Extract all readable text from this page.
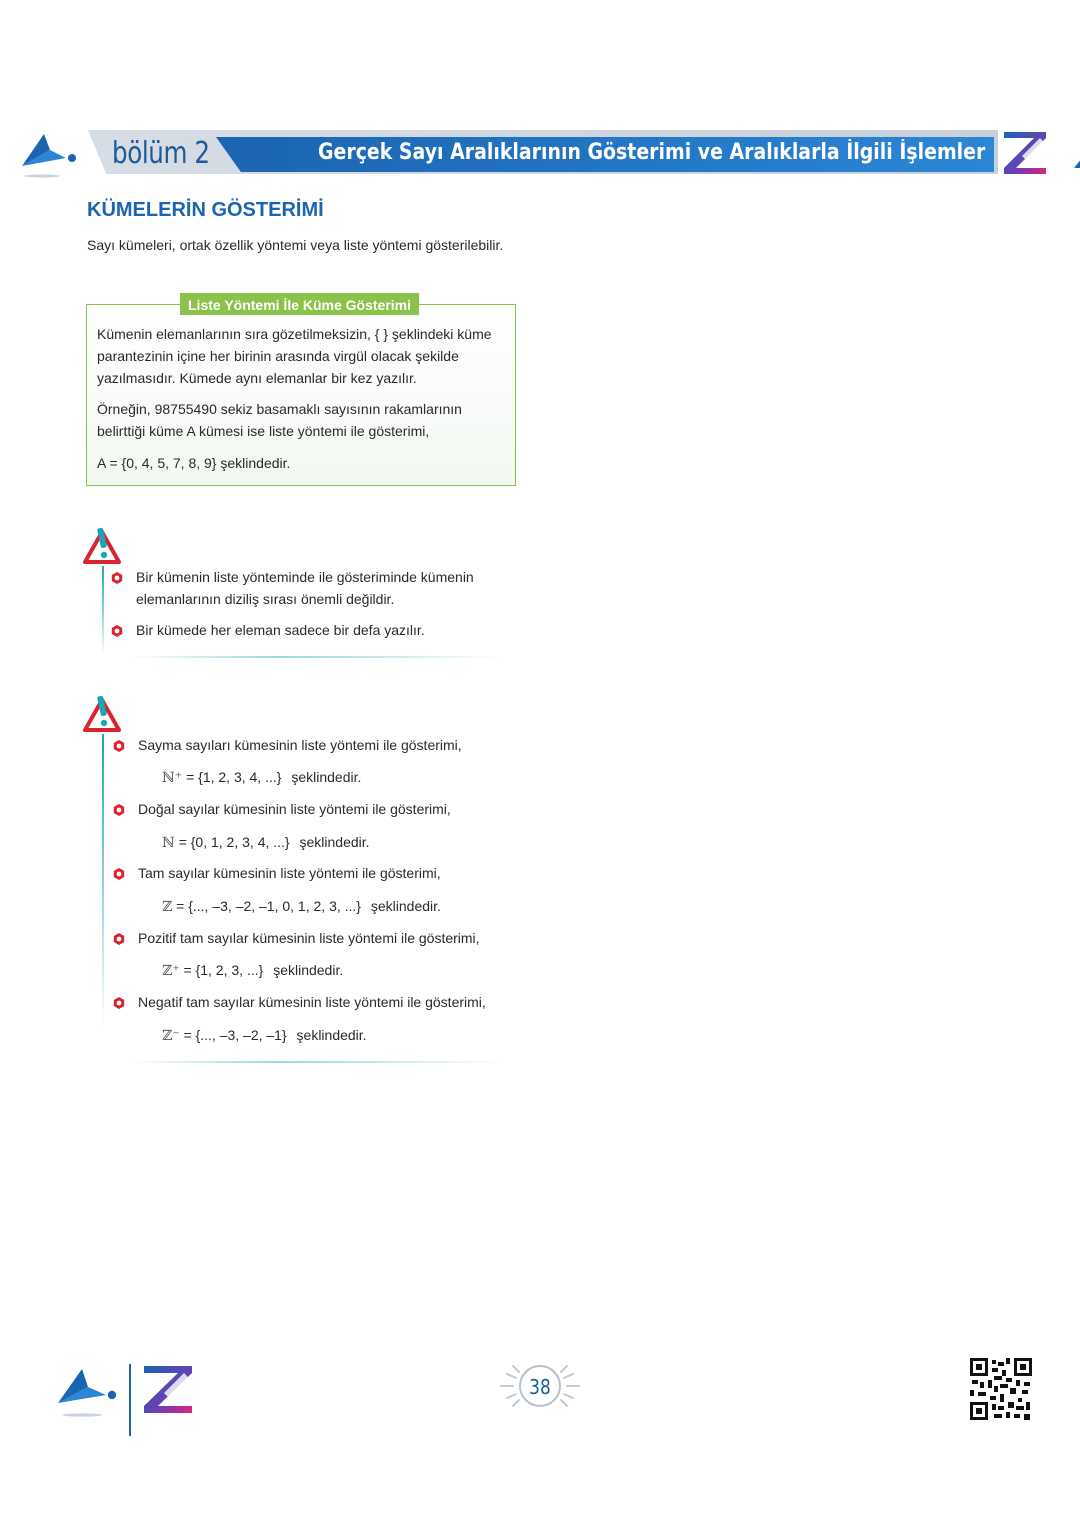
bölüm 2	Gerçek Sayı Aralıklarının Gösterimi ve Aralıklarla İlgili İşlemler
KÜMELERİN GÖSTERİMİ
Sayı kümeleri, ortak özellik yöntemi veya liste yöntemi gösterilebilir.
Liste Yöntemi İle Küme Gösterimi
Kümenin elemanlarının sıra gözetilmeksizin, { } şeklindeki küme parantezinin içine her birinin arasında virgül olacak şekilde yazılmasıdır. Kümede aynı elemanlar bir kez yazılır.
Örneğin, 98755490 sekiz basamaklı sayısının rakamlarının belirttiği küme A kümesi ise liste yöntemi ile gösterimi,
A = {0, 4, 5, 7, 8, 9} şeklindedir.
Bir kümenin liste yönteminde ile gösteriminde kümenin elemanlarının diziliş sırası önemli değildir.
Bir kümede her eleman sadece bir defa yazılır.
Sayma sayıları kümesinin liste yöntemi ile gösterimi,
ℕ⁺ = {1, 2, 3, 4, ...} şeklindedir.
Doğal sayılar kümesinin liste yöntemi ile gösterimi,
ℕ = {0, 1, 2, 3, 4, ...} şeklindedir.
Tam sayılar kümesinin liste yöntemi ile gösterimi,
ℤ = {..., –3, –2, –1, 0, 1, 2, 3, ...} şeklindedir.
Pozitif tam sayılar kümesinin liste yöntemi ile gösterimi,
ℤ⁺ = {1, 2, 3, ...} şeklindedir.
Negatif tam sayılar kümesinin liste yöntemi ile gösterimi,
ℤ⁻ = {..., –3, –2, –1} şeklindedir.
38
